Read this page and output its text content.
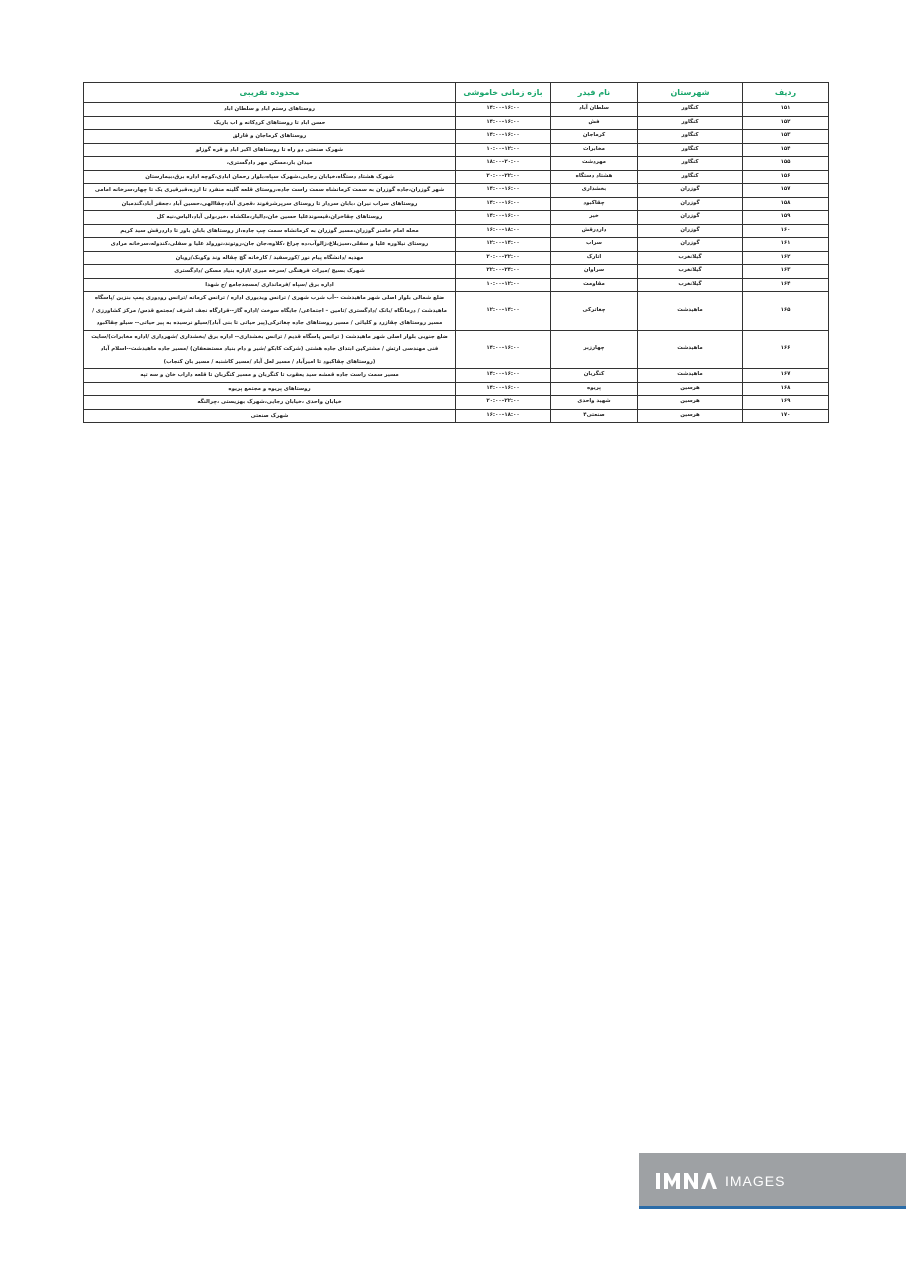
ردیف	شهرستان	نام فیدر	بازه زمانی خاموشی	محدوده تقریبی
۱۵۱	کنگاور	سلطان آباد	۱۴:۰۰–۱۶:۰۰	روستاهای رستم اباد و سلطان اباد
۱۵۲	کنگاور	فش	۱۴:۰۰–۱۶:۰۰	حسن اباد تا روستاهای کردکانه و اب باریک
۱۵۳	کنگاور	کرماجان	۱۴:۰۰–۱۶:۰۰	روستاهای کرماجان و قارلق
۱۵۴	کنگاور	مخابرات	۱۰:۰۰–۱۲:۰۰	شهرک صنعتی دو راه تا روستاهای اکبر اباد و قره گوزلو
۱۵۵	کنگاور	مهردشت	۱۸:۰۰–۲۰:۰۰	میدان بار،مسکن مهر دادگستری،
۱۵۶	کنگاور	هشتاد دستگاه	۲۰:۰۰–۲۲:۰۰	شهرک هشتاد دستگاه،خیابان رجایی،شهرک سپاه،بلوار رحمان ابادی،کوچه اداره برق،بیمارستان
۱۵۷	گوزران	بخشداری	۱۴:۰۰–۱۶:۰۰	شهر گوزران،جاده گوزران به سمت کرمانشاه سمت راست جاده،روستای قلعه گلینه منفرد تا ارزه،قبرقیری یک تا چهار،سرخانه امامی
۱۵۸	گوزران	چقاکبود	۱۴:۰۰–۱۶:۰۰	روستاهای سراب نیران ،بابان سردار تا روستای سرپرشرفوند ،قجری آباد،چقاالهی،حسین آباد ،جعفر آباد،گندمبان
۱۵۹	گوزران	خیر	۱۴:۰۰–۱۶:۰۰	روستاهای چقاخران،قیسوندعلیا حسین خان،دالیار،ملکشاه ،خیر،ولی آباد،الیاس،نیه کل
۱۶۰	گوزران	داردرقش	۱۶:۰۰–۱۸:۰۰	محله امام خامنر گوزران،مسیر گوزران به کرمانشاه سمت چپ جاده،از روستاهای بابان باور تا داردرقش سید کریم
۱۶۱	گوزران	سراب	۱۲:۰۰–۱۴:۰۰	روستای نیلاوره علیا و سفلی،سبزبلاغ،زالوآب،ده چراغ ،کلاوه،جان جان،روتوند،نورولد علیا و سفلی،کندوله،سرخانه مرادی
۱۶۲	گیلانغرب	اتارک	۲۰:۰۰–۲۲:۰۰	مهدیه /دانشگاه پیام نور /کورسفید / کارخانه گچ چقاله وند وکوبک/رویان
۱۶۳	گیلانغرب	سراوان	۲۲:۰۰–۲۴:۰۰	شهرک بسیج /میراث فرهنگی /سرخه میری /اداره بنیاد مسکن /دادگستری
۱۶۴	گیلانغرب	مقاومت	۱۰:۰۰–۱۲:۰۰	اداره برق /سپاه /فرمانداری /مسجدجامع /ج شهدا
۱۶۵	ماهیدشت	چغاترکی	۱۲:۰۰–۱۴:۰۰	ضلع شمالی بلوار اصلی شهر ماهیدشت --آب شرب شهری / ترانس ویدیوری اداره / ترانس کرمانه /ترانس رودوری پمپ بنزین /پاسگاه ماهیدشت / درمانگاه /بانک /دادگستری /تامین – اجتماعی/ جایگاه سوخت /اداره گاز--قرارگاه نجف اشرف /مجتمع قدس/ مرکز کشاورزی /مسیر روستاهای چقازرد و کلیائی / مسیر روستاهای جاده چغاترکی(پیر حیاتی تا بنی آباد)/سیلو نرسیده به پیر حیاتی-- سیلو چقاکبود
۱۶۶	ماهیدشت	چهارزبر	۱۴:۰۰–۱۶:۰۰	ضلع جنوبی بلوار اصلی شهر ماهیدشت ( ترانس پاسگاه قدیم / ترانس بخشداری-- اداره برق /بخشداری /شهرداری /اداره مخابرات)/سایت فنی مهندسی ارتش / مشترکین ابتدای جاده هشتی (شرکت کابکو /شیر و دام بنیاد مستضعفان) /مسیر جاده ماهیدشت--اسلام آباد (روستاهای چقاکبود تا امیرآباد / مسیر لعل آباد /مسیر کاشنبه / مسیر بان کنجاب)
۱۶۷	ماهیدشت	کنگربان	۱۴:۰۰–۱۶:۰۰	مسیر سمت راست جاده قمشه سید یعقوب تا کنگربان و مسیر کنگربان تا قلعه داراب خان و سه تپه
۱۶۸	هرسین	پریوه	۱۴:۰۰–۱۶:۰۰	روستاهای پریوه و مجتمع پریوه
۱۶۹	هرسین	شهید واحدی	۲۰:۰۰–۲۲:۰۰	خیابان واحدی ،خیابان رجایی،شهرک بهزیستی ،چرالنگه
۱۷۰	هرسین	صنعتی۴	۱۶:۰۰–۱۸:۰۰	شهرک صنعتی
IMAGES
